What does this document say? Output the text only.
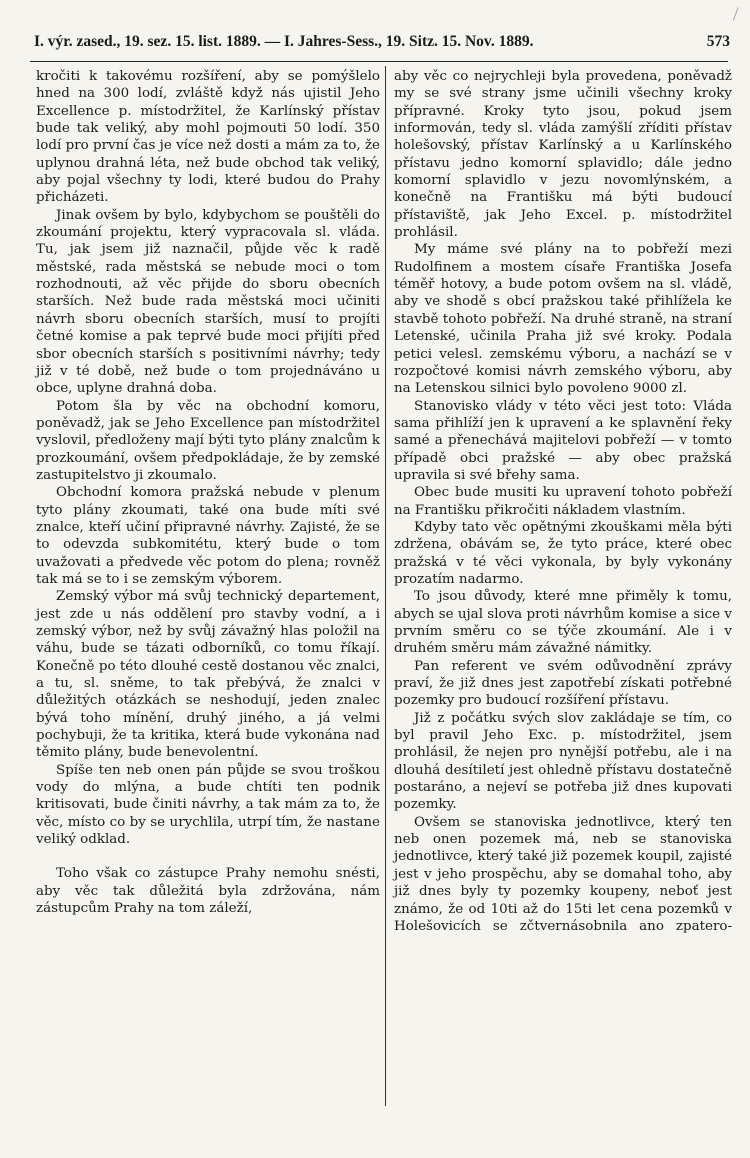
I. výr. zased., 19. sez. 15. list. 1889. — I. Jahres-Sess., 19. Sitz. 15. Nov. 1889.	573

kročiti k takovému rozšíření, aby se pomýšlelo hned na 300 lodí, zvláště když nás ujistil Jeho Excellence p. místodržitel, že Karlínský přístav bude tak veliký, aby mohl pojmouti 50 lodí. 350 lodí pro první čas je více než dosti a mám za to, že uplynou drahná léta, než bude obchod tak veliký, aby pojal všechny ty lodi, které budou do Prahy přicházeti.

Jinak ovšem by bylo, kdybychom se pouštěli do zkoumání projektu, který vypracovala sl. vláda. Tu, jak jsem již naznačil, půjde věc k radě městské, rada městská se nebude moci o tom rozhodnouti, až věc přijde do sboru obecních starších. Než bude rada městská moci učiniti návrh sboru obecních starších, musí to projíti četné komise a pak teprvé bude moci přijíti před sbor obecních starších s positivními návrhy; tedy již v té době, než bude o tom projednáváno u obce, uplyne drahná doba.

Potom šla by věc na obchodní komoru, poněvadž, jak se Jeho Excellence pan místodržitel vyslovil, předloženy mají býti tyto plány znalcům k prozkoumání, ovšem předpokládaje, že by zemské zastupitelstvo ji zkoumalo.

Obchodní komora pražská nebude v plenum tyto plány zkoumati, také ona bude míti své znalce, kteří učiní připravné návrhy. Zajisté, že se to odevzda subkomitétu, který bude o tom uvažovati a předvede věc potom do plena; rovněž tak má se to i se zemským výborem.

Zemský výbor má svůj technický departement, jest zde u nás oddělení pro stavby vodní, a i zemský výbor, než by svůj závažný hlas položil na váhu, bude se tázati odborníků, co tomu říkají. Konečně po této dlouhé cestě dostanou věc znalci, a tu, sl. sněme, to tak přebývá, že znalci v důležitých otázkách se neshodují, jeden znalec bývá toho mínění, druhý jiného, a já velmi pochybuji, že ta kritika, která bude vykonána nad těmito plány, bude benevolentní.

Spíše ten neb onen pán půjde se svou troškou vody do mlýna, a bude chtíti ten podnik kritisovati, bude činiti návrhy, a tak mám za to, že věc, místo co by se urychlila, utrpí tím, že nastane veliký odklad.

Toho však co zástupce Prahy nemohu snésti, aby věc tak důležitá byla zdržována, nám zástupcům Prahy na tom záleží,

aby věc co nejrychleji byla provedena, poněvadž my se své strany jsme učinili všechny kroky přípravné. Kroky tyto jsou, pokud jsem informován, tedy sl. vláda zamýšlí zříditi přístav holešovský, přístav Karlínský a u Karlínského přístavu jedno komorní splavidlo; dále jedno komorní splavidlo v jezu novomlýnském, a konečně na Františku má býti budoucí přístaviště, jak Jeho Excel. p. místodržitel prohlásil.

My máme své plány na to pobřeží mezi Rudolfinem a mostem císaře Františka Josefa téměř hotovy, a bude potom ovšem na sl. vládě, aby ve shodě s obcí pražskou také přihlížela ke stavbě tohoto pobřeží. Na druhé straně, na straní Letenské, učinila Praha již své kroky. Podala petici velesl. zemskému výboru, a nachází se v rozpočtové komisi návrh zemského výboru, aby na Letenskou silnici bylo povoleno 9000 zl.

Stanovisko vlády v této věci jest toto: Vláda sama přihlíží jen k upravení a ke splavnění řeky samé a přenechává majitelovi pobřeží — v tomto případě obci pražské — aby obec pražská upravila si své břehy sama.

Obec bude musiti ku upravení tohoto pobřeží na Františku přikročiti nákladem vlastním.

Kdyby tato věc opětnými zkouškami měla býti zdržena, obávám se, že tyto práce, které obec pražská v té věci vykonala, by byly vykonány prozatím nadarmo.

To jsou důvody, které mne přiměly k tomu, abych se ujal slova proti návrhům komise a sice v prvním směru co se týče zkoumání. Ale i v druhém směru mám závažné námitky.

Pan referent ve svém odůvodnění zprávy praví, že již dnes jest zapotřebí získati potřebné pozemky pro budoucí rozšíření přístavu.

Již z počátku svých slov zakládaje se tím, co byl pravil Jeho Exc. p. místodržitel, jsem prohlásil, že nejen pro nynější potřebu, ale i na dlouhá desítiletí jest ohledně přístavu dostatečně postaráno, a nejeví se potřeba již dnes kupovati pozemky.

Ovšem se stanoviska jednotlivce, který ten neb onen pozemek má, neb se stanoviska jednotlivce, který také již pozemek koupil, zajisté jest v jeho prospěchu, aby se domahal toho, aby již dnes byly ty pozemky koupeny, neboť jest známo, že od 10ti až do 15ti let cena pozemků v Holešovicích se zčtvernásobnila ano zpatero-
